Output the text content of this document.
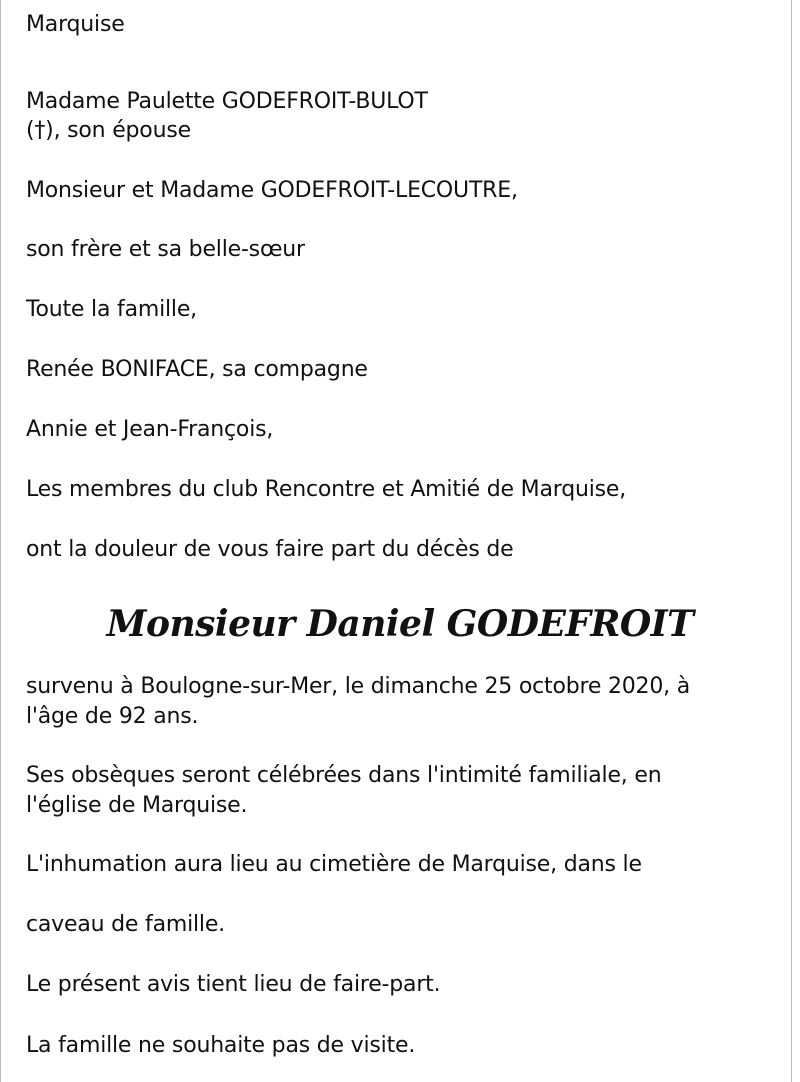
Marquise
Madame Paulette GODEFROIT-BULOT
(†), son épouse
Monsieur et Madame GODEFROIT-LECOUTRE,
son frère et sa belle-sœur
Toute la famille,
Renée BONIFACE, sa compagne
Annie et Jean-François,
Les membres du club Rencontre et Amitié de Marquise,
ont la douleur de vous faire part du décès de
Monsieur Daniel GODEFROIT
survenu à Boulogne-sur-Mer, le dimanche 25 octobre 2020, à
l'âge de 92 ans.
Ses obsèques seront célébrées dans l'intimité familiale, en
l'église de Marquise.
L'inhumation aura lieu au cimetière de Marquise, dans le
caveau de famille.
Le présent avis tient lieu de faire-part.
La famille ne souhaite pas de visite.
